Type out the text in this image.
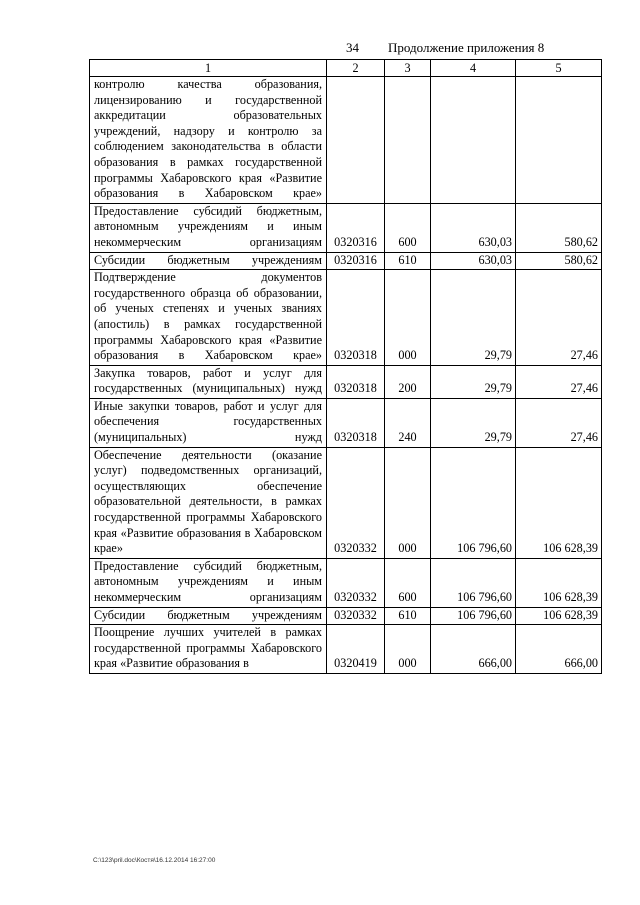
34 Продолжение приложения 8
1	2	3	4	5
контролю качества образования, лицензированию и государственной аккредитации образовательных учреждений, надзору и контролю за соблюдением законодательства в области образования в рамках государственной программы Хабаровского края «Развитие образования в Хабаровском крае»				
Предоставление субсидий бюджетным, автономным учреждениям и иным некоммерческим организациям	0320316	600	630,03	580,62
Субсидии бюджетным учреждениям	0320316	610	630,03	580,62
Подтверждение документов государственного образца об образовании, об ученых степенях и ученых званиях (апостиль) в рамках государственной программы Хабаровского края «Развитие образования в Хабаровском крае»	0320318	000	29,79	27,46
Закупка товаров, работ и услуг для государственных (муниципальных) нужд	0320318	200	29,79	27,46
Иные закупки товаров, работ и услуг для обеспечения государственных (муниципальных) нужд	0320318	240	29,79	27,46
Обеспечение деятельности (оказание услуг) подведомственных организаций, осуществляющих обеспечение образовательной деятельности, в рамках государственной программы Хабаровского края «Развитие образования в Хабаровском крае»	0320332	000	106 796,60	106 628,39
Предоставление субсидий бюджетным, автономным учреждениям и иным некоммерческим организациям	0320332	600	106 796,60	106 628,39
Субсидии бюджетным учреждениям	0320332	610	106 796,60	106 628,39
Поощрение лучших учителей в рамках государственной программы Хабаровского края «Развитие образования в	0320419	000	666,00	666,00
C:\123\pril.doc\Костя\16.12.2014 16:27:00
